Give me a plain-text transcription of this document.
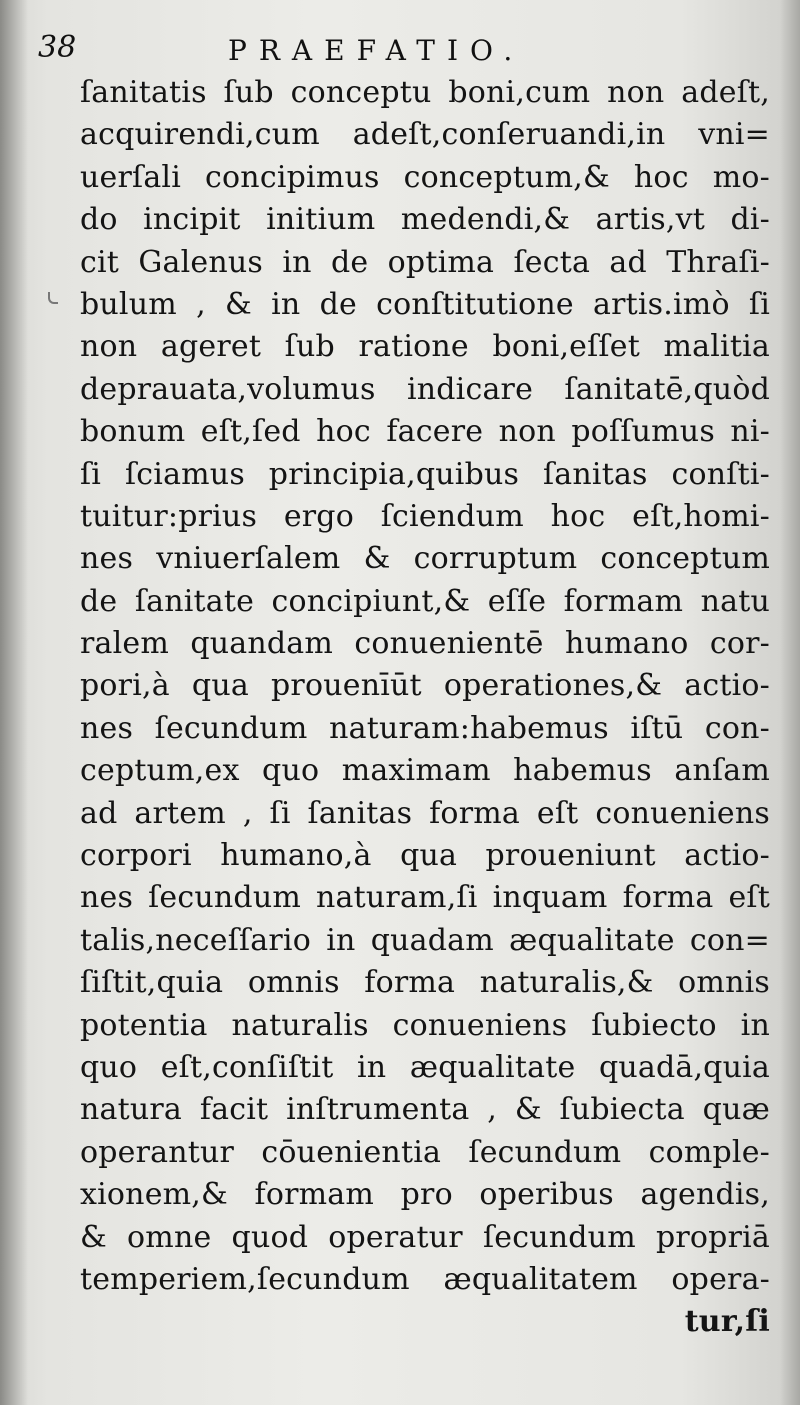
38	PRAEFATIO.
ſanitatis ſub conceptu boni,cum non adeſt,
acquirendi,cum adeſt,conſeruandi,in vni=
uerſali concipimus conceptum,& hoc mo-
do incipit initium medendi,& artis,vt di-
cit Galenus in de optima ſecta ad Thraſi-
bulum , & in de conſtitutione artis.imò ſi
non ageret ſub ratione boni,eſſet malitia
deprauata,volumus indicare ſanitatē,quòd
bonum eſt,ſed hoc facere non poſſumus ni-
ſi ſciamus principia,quibus ſanitas conſti-
tuitur:prius ergo ſciendum hoc eſt,homi-
nes vniuerſalem & corruptum conceptum
de ſanitate concipiunt,& eſſe formam natu
ralem quandam conuenientē humano cor-
pori,à qua prouenīūt operationes,& actio-
nes ſecundum naturam:habemus iſtū con-
ceptum,ex quo maximam habemus anſam
ad artem , ſi ſanitas forma eſt conueniens
corpori humano,à qua proueniunt actio-
nes ſecundum naturam,ſi inquam forma eſt
talis,neceſſario in quadam æqualitate con=
ſiſtit,quia omnis forma naturalis,& omnis
potentia naturalis conueniens ſubiecto in
quo eſt,conſiſtit in æqualitate quadā,quia
natura facit inſtrumenta , & ſubiecta quæ
operantur cōuenientia ſecundum comple-
xionem,& formam pro operibus agendis,
& omne quod operatur ſecundum propriā
temperiem,ſecundum æqualitatem opera-
tur,ſi
